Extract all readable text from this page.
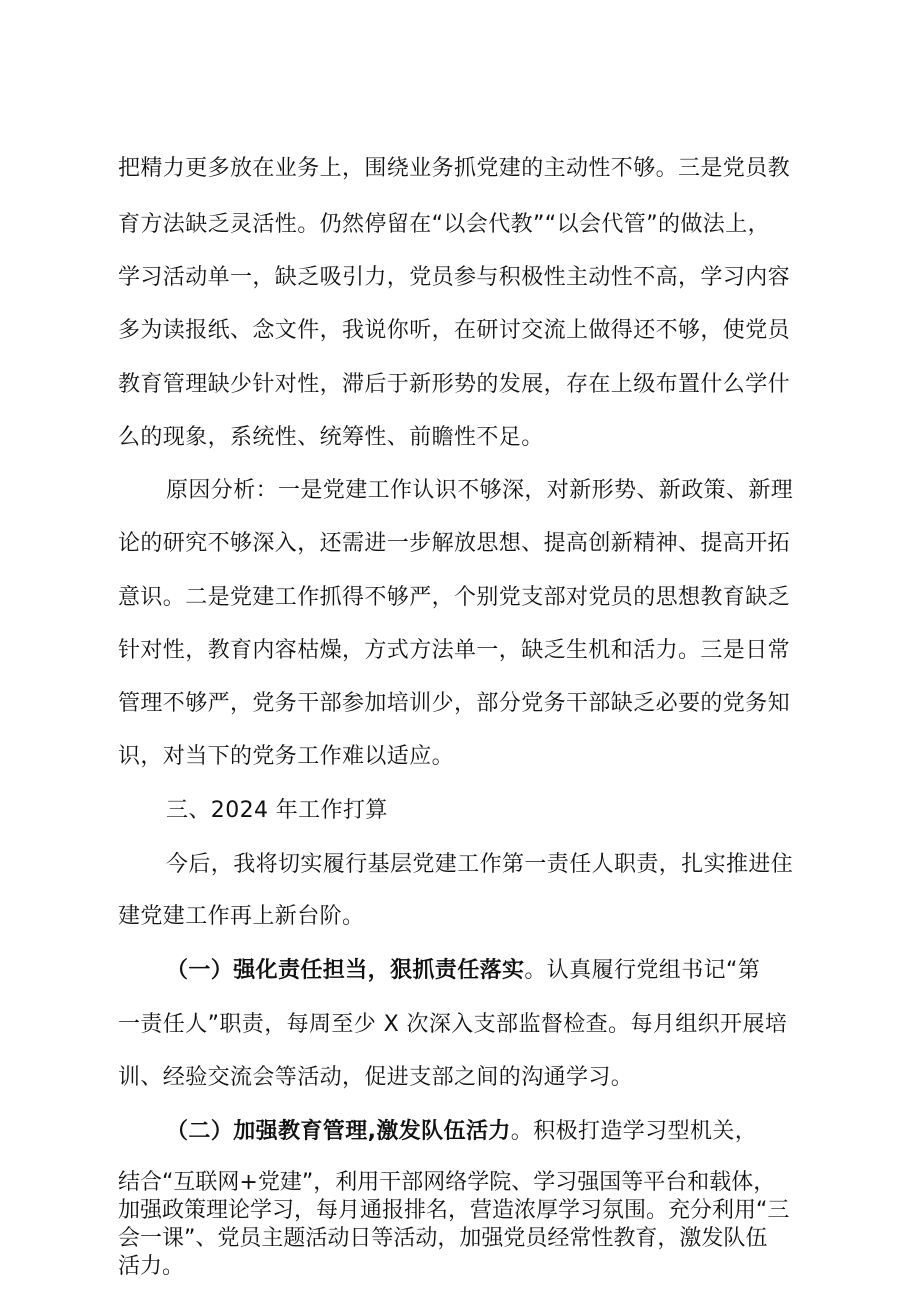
把精力更多放在业务上，围绕业务抓党建的主动性不够。三是党员教
育方法缺乏灵活性。仍然停留在“以会代教”“以会代管”的做法上，
学习活动单一，缺乏吸引力，党员参与积极性主动性不高，学习内容
多为读报纸、念文件，我说你听，在研讨交流上做得还不够，使党员
教育管理缺少针对性，滞后于新形势的发展，存在上级布置什么学什
么的现象，系统性、统筹性、前瞻性不足。
原因分析：一是党建工作认识不够深，对新形势、新政策、新理
论的研究不够深入，还需进一步解放思想、提高创新精神、提高开拓
意识。二是党建工作抓得不够严，个别党支部对党员的思想教育缺乏
针对性，教育内容枯燥，方式方法单一，缺乏生机和活力。三是日常
管理不够严，党务干部参加培训少，部分党务干部缺乏必要的党务知
识，对当下的党务工作难以适应。
三、2024 年工作打算
今后，我将切实履行基层党建工作第一责任人职责，扎实推进住
建党建工作再上新台阶。
（一）强化责任担当，狠抓责任落实。认真履行党组书记“第
一责任人”职责，每周至少 X 次深入支部监督检查。每月组织开展培
训、经验交流会等活动，促进支部之间的沟通学习。
（二）加强教育管理,激发队伍活力。积极打造学习型机关，
结合“互联网+党建”，利用干部网络学院、学习强国等平台和载体，
加强政策理论学习，每月通报排名，营造浓厚学习氛围。充分利用“三
会一课”、党员主题活动日等活动，加强党员经常性教育，激发队伍
活力。
